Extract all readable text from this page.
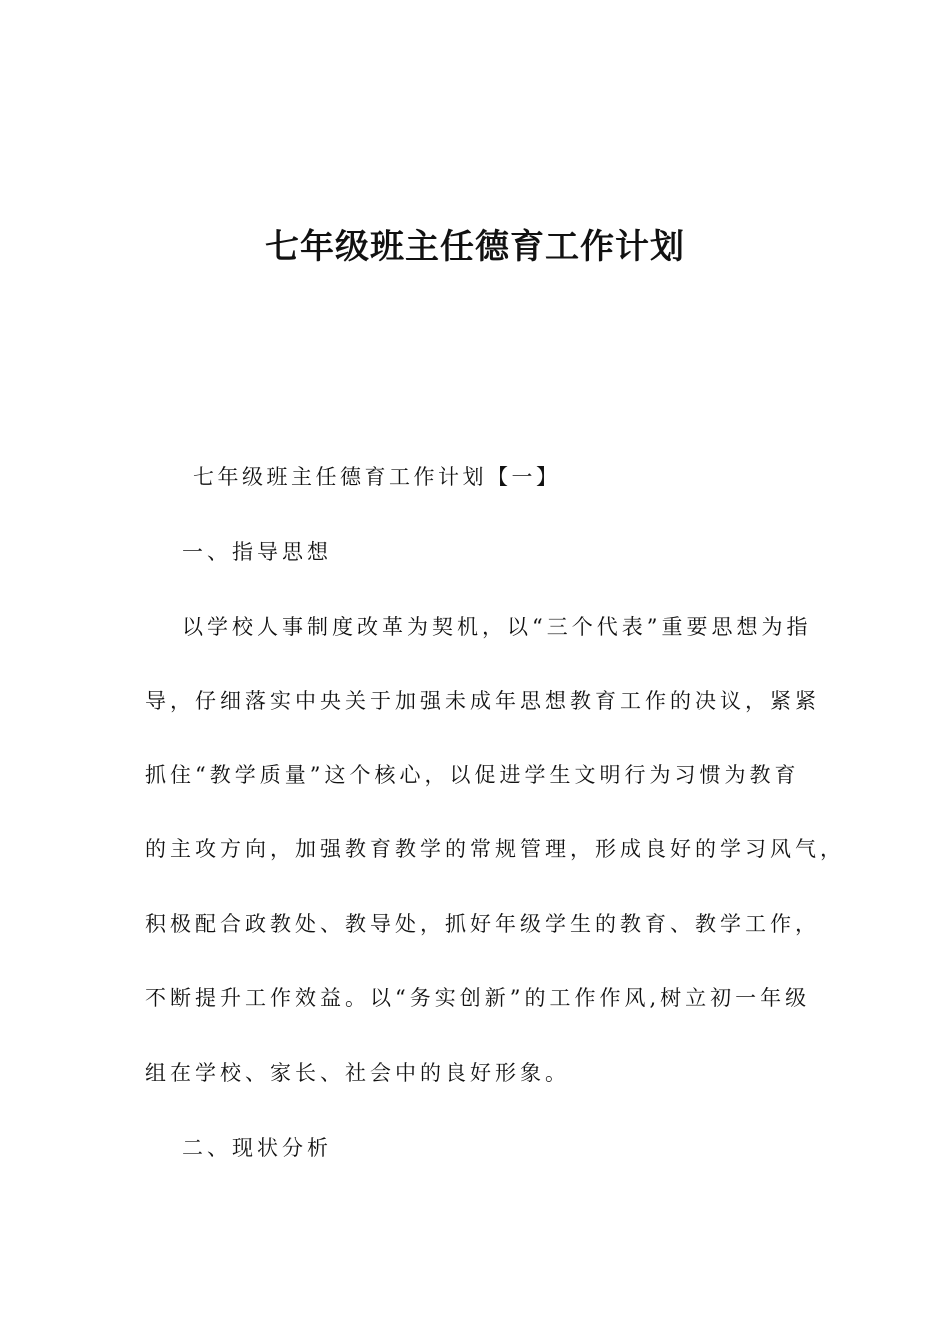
七年级班主任德育工作计划
七年级班主任德育工作计划【一】
一、指导思想
以学校人事制度改革为契机，以“三个代表”重要思想为指
导，仔细落实中央关于加强未成年思想教育工作的决议，紧紧
抓住“教学质量”这个核心，以促进学生文明行为习惯为教育
的主攻方向，加强教育教学的常规管理，形成良好的学习风气，
积极配合政教处、教导处，抓好年级学生的教育、教学工作，
不断提升工作效益。以“务实创新”的工作作风,树立初一年级
组在学校、家长、社会中的良好形象。
二、现状分析
